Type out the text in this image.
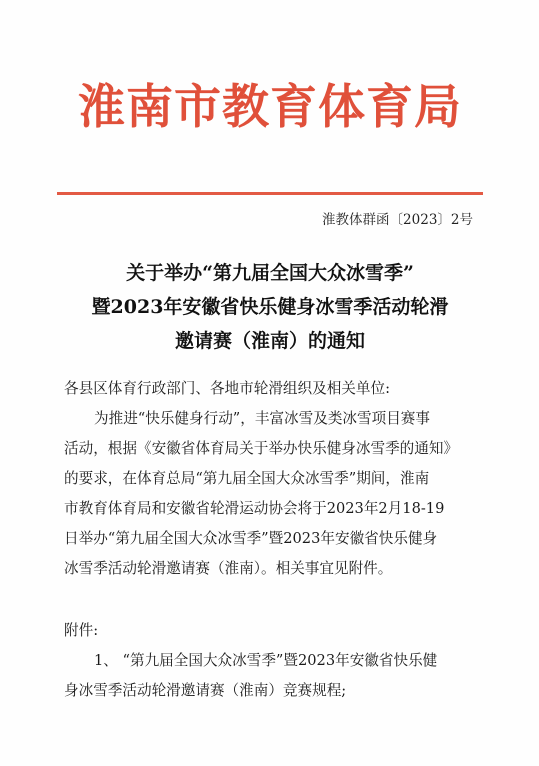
淮南市教育体育局
淮教体群函〔2023〕2号
关于举办“第九届全国大众冰雪季”
暨2023年安徽省快乐健身冰雪季活动轮滑
邀请赛（淮南）的通知

各县区体育行政部门、各地市轮滑组织及相关单位:

为推进“快乐健身行动”，丰富冰雪及类冰雪项目赛事

活动，根据《安徽省体育局关于举办快乐健身冰雪季的通知》

的要求，在体育总局“第九届全国大众冰雪季”期间，淮南

市教育体育局和安徽省轮滑运动协会将于2023年2月18-19

日举办“第九届全国大众冰雪季”暨2023年安徽省快乐健身

冰雪季活动轮滑邀请赛（淮南）。相关事宜见附件。

附件:

1、 “第九届全国大众冰雪季”暨2023年安徽省快乐健

身冰雪季活动轮滑邀请赛（淮南）竞赛规程;
